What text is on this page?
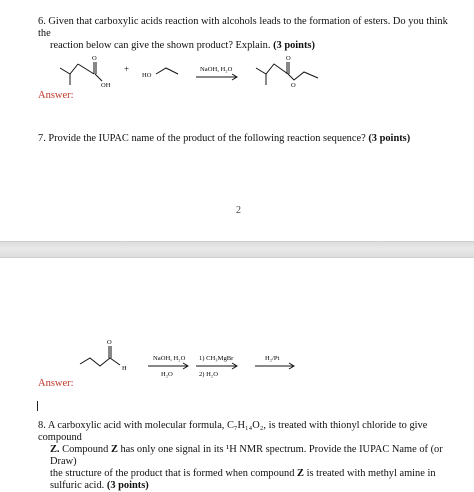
6. Given that carboxylic acids reaction with alcohols leads to the formation of esters. Do you think the
reaction below can give the shown product? Explain. (3 points)
O
OH
+
HO
NaOH, H₂O
O
O
Answer:
7. Provide the IUPAC name of the product of the following reaction sequence? (3 points)
2
O
H
NaOH, H₂O
H₂O
1) CH₃MgBr
2) H₂O
H₂/Pt
Answer:
8. A carboxylic acid with molecular formula, C₇H₁₄O₂, is treated with thionyl chloride to give compound
Z. Compound Z has only one signal in its ¹H NMR spectrum. Provide the IUPAC Name of (or Draw)
the structure of the product that is formed when compound Z is treated with methyl amine in
sulfuric acid. (3 points)
